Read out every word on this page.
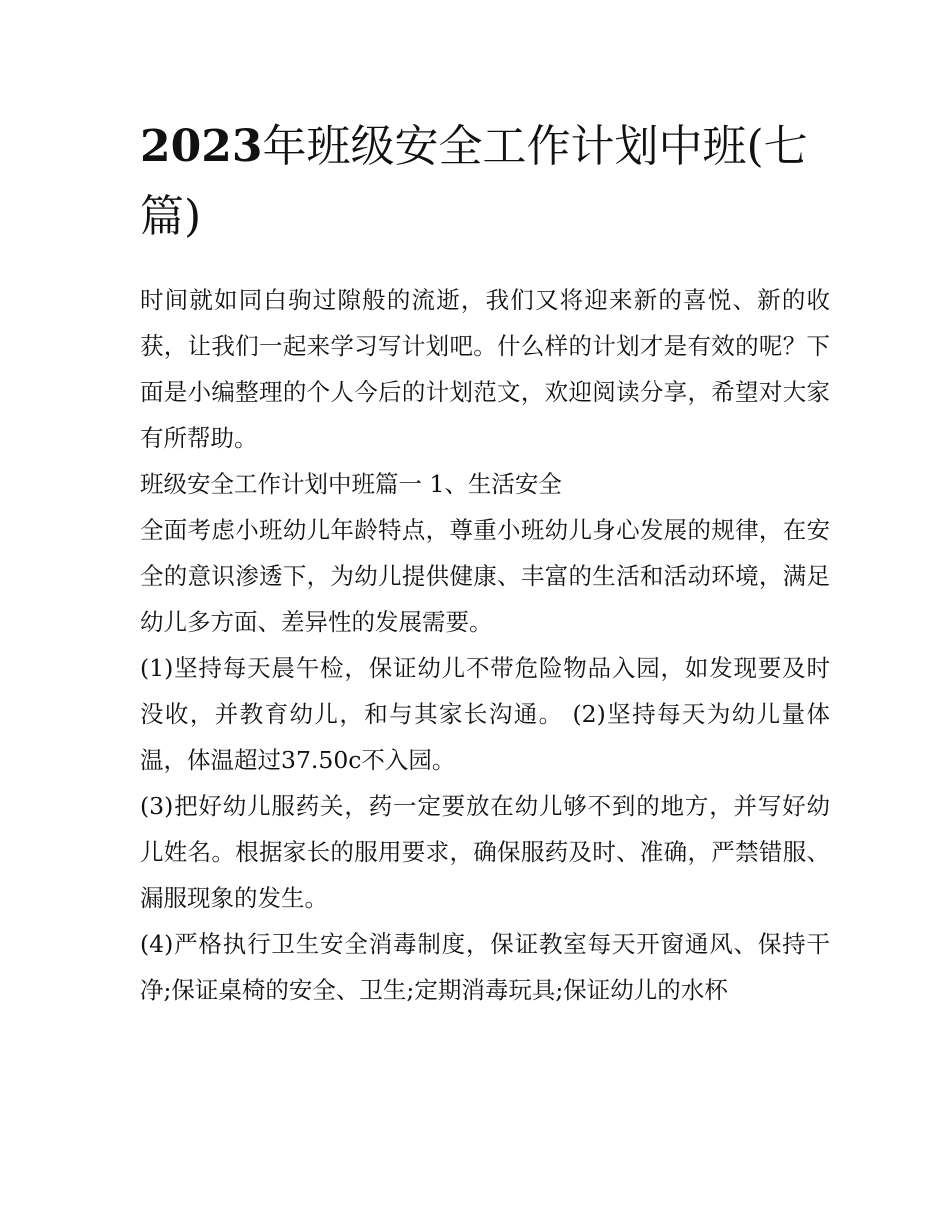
2023年班级安全工作计划中班(七篇)

时间就如同白驹过隙般的流逝，我们又将迎来新的喜悦、新的收获，让我们一起来学习写计划吧。什么样的计划才是有效的呢？下面是小编整理的个人今后的计划范文，欢迎阅读分享，希望对大家有所帮助。

班级安全工作计划中班篇一 1、生活安全

全面考虑小班幼儿年龄特点，尊重小班幼儿身心发展的规律，在安全的意识渗透下，为幼儿提供健康、丰富的生活和活动环境，满足幼儿多方面、差异性的发展需要。

(1)坚持每天晨午检，保证幼儿不带危险物品入园，如发现要及时没收，并教育幼儿，和与其家长沟通。 (2)坚持每天为幼儿量体温，体温超过37.50c不入园。

(3)把好幼儿服药关，药一定要放在幼儿够不到的地方，并写好幼儿姓名。根据家长的服用要求，确保服药及时、准确，严禁错服、漏服现象的发生。

(4)严格执行卫生安全消毒制度，保证教室每天开窗通风、保持干净;保证桌椅的安全、卫生;定期消毒玩具;保证幼儿的水杯
